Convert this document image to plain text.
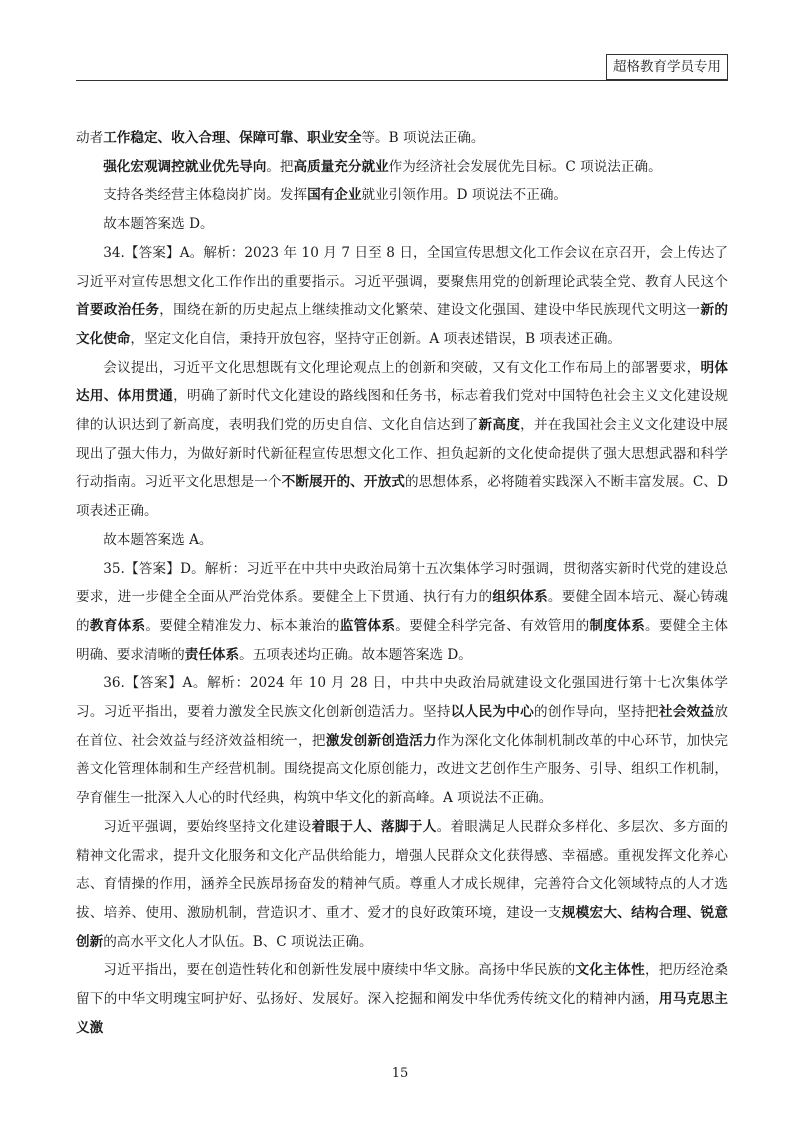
超格教育学员专用

动者工作稳定、收入合理、保障可靠、职业安全等。B 项说法正确。

强化宏观调控就业优先导向。把高质量充分就业作为经济社会发展优先目标。C 项说法正确。

支持各类经营主体稳岗扩岗。发挥国有企业就业引领作用。D 项说法不正确。

故本题答案选 D。

34.【答案】A。解析：2023 年 10 月 7 日至 8 日，全国宣传思想文化工作会议在京召开，会上传达了习近平对宣传思想文化工作作出的重要指示。习近平强调，要聚焦用党的创新理论武装全党、教育人民这个首要政治任务，围绕在新的历史起点上继续推动文化繁荣、建设文化强国、建设中华民族现代文明这一新的文化使命，坚定文化自信，秉持开放包容，坚持守正创新。A 项表述错误，B 项表述正确。

会议提出，习近平文化思想既有文化理论观点上的创新和突破，又有文化工作布局上的部署要求，明体达用、体用贯通，明确了新时代文化建设的路线图和任务书，标志着我们党对中国特色社会主义文化建设规律的认识达到了新高度，表明我们党的历史自信、文化自信达到了新高度，并在我国社会主义文化建设中展现出了强大伟力，为做好新时代新征程宣传思想文化工作、担负起新的文化使命提供了强大思想武器和科学行动指南。习近平文化思想是一个不断展开的、开放式的思想体系，必将随着实践深入不断丰富发展。C、D 项表述正确。

故本题答案选 A。

35.【答案】D。解析：习近平在中共中央政治局第十五次集体学习时强调，贯彻落实新时代党的建设总要求，进一步健全全面从严治党体系。要健全上下贯通、执行有力的组织体系。要健全固本培元、凝心铸魂的教育体系。要健全精准发力、标本兼治的监管体系。要健全科学完备、有效管用的制度体系。要健全主体明确、要求清晰的责任体系。五项表述均正确。故本题答案选 D。

36.【答案】A。解析：2024 年 10 月 28 日，中共中央政治局就建设文化强国进行第十七次集体学习。习近平指出，要着力激发全民族文化创新创造活力。坚持以人民为中心的创作导向，坚持把社会效益放在首位、社会效益与经济效益相统一，把激发创新创造活力作为深化文化体制机制改革的中心环节，加快完善文化管理体制和生产经营机制。围绕提高文化原创能力，改进文艺创作生产服务、引导、组织工作机制，孕育催生一批深入人心的时代经典，构筑中华文化的新高峰。A 项说法不正确。

习近平强调，要始终坚持文化建设着眼于人、落脚于人。着眼满足人民群众多样化、多层次、多方面的精神文化需求，提升文化服务和文化产品供给能力，增强人民群众文化获得感、幸福感。重视发挥文化养心志、育情操的作用，涵养全民族昂扬奋发的精神气质。尊重人才成长规律，完善符合文化领域特点的人才选拔、培养、使用、激励机制，营造识才、重才、爱才的良好政策环境，建设一支规模宏大、结构合理、锐意创新的高水平文化人才队伍。B、C 项说法正确。

习近平指出，要在创造性转化和创新性发展中赓续中华文脉。高扬中华民族的文化主体性，把历经沧桑留下的中华文明瑰宝呵护好、弘扬好、发展好。深入挖掘和阐发中华优秀传统文化的精神内涵，用马克思主义激

15
